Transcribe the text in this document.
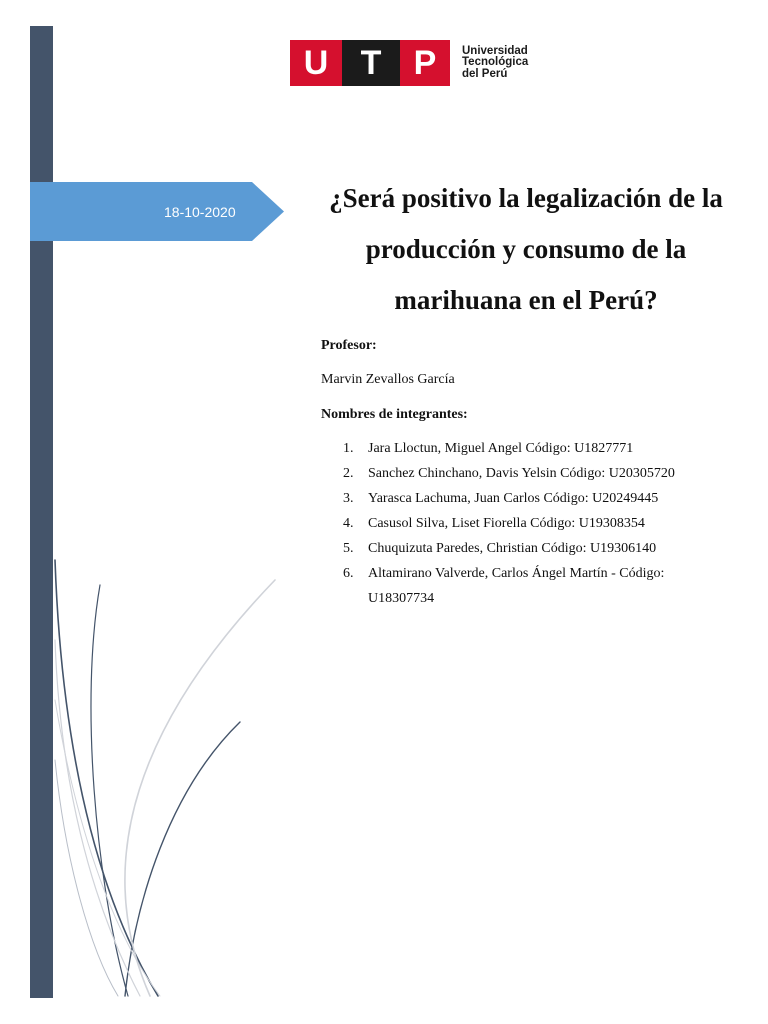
U T P	Universidad
Tecnológica
del Perú
18-10-2020	¿Será positivo la legalización de la producción y consumo de la marihuana en el Perú?

Profesor:

Marvin Zevallos García

Nombres de integrantes:

1. Jara Lloctun, Miguel Angel Código: U1827771
2. Sanchez Chinchano, Davis Yelsin Código: U20305720
3. Yarasca Lachuma, Juan Carlos Código: U20249445
4. Casusol Silva, Liset Fiorella Código: U19308354
5. Chuquizuta Paredes, Christian Código: U19306140
6. Altamirano Valverde, Carlos Ángel Martín - Código:
U18307734
